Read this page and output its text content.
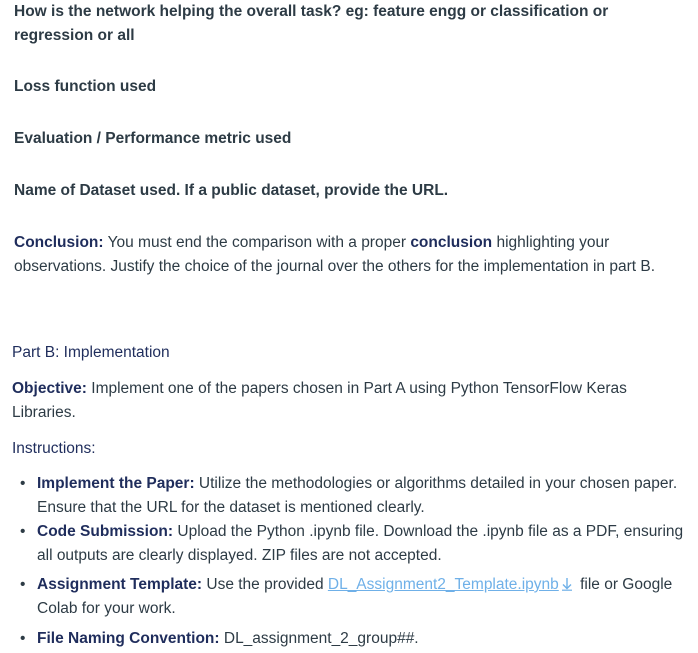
How is the network helping the overall task? eg: feature engg or classification or regression or all
Loss function used
Evaluation / Performance metric used
Name of Dataset used. If a public dataset, provide the URL.
Conclusion: You must end the comparison with a proper conclusion highlighting your observations. Justify the choice of the journal over the others for the implementation in part B.
Part B: Implementation
Objective: Implement one of the papers chosen in Part A using Python TensorFlow Keras Libraries.
Instructions:
• Implement the Paper: Utilize the methodologies or algorithms detailed in your chosen paper. Ensure that the URL for the dataset is mentioned clearly.
• Code Submission: Upload the Python .ipynb file. Download the .ipynb file as a PDF, ensuring all outputs are clearly displayed. ZIP files are not accepted.
• Assignment Template: Use the provided DL_Assignment2_Template.ipynb file or Google Colab for your work.
• File Naming Convention: DL_assignment_2_group##.
